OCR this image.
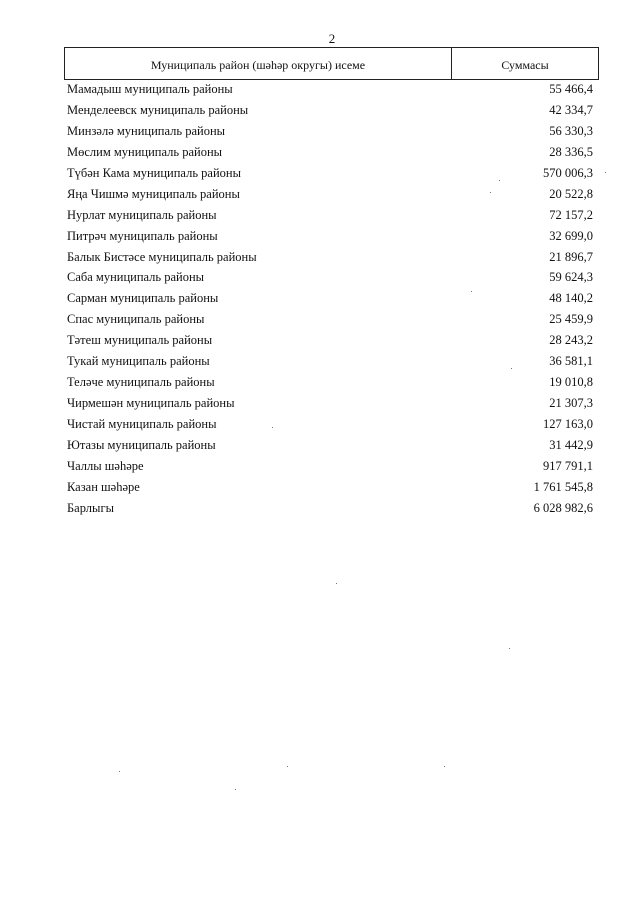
2
Муниципаль район (шәһәр округы) исеме	Суммасы
Мамадыш муниципаль районы	55 466,4
Менделеевск муниципаль районы	42 334,7
Минзәлә муниципаль районы	56 330,3
Мөслим муниципаль районы	28 336,5
Түбән Кама муниципаль районы	570 006,3
Яңа Чишмә муниципаль районы	20 522,8
Нурлат муниципаль районы	72 157,2
Питрәч муниципаль районы	32 699,0
Балык Бистәсе муниципаль районы	21 896,7
Саба муниципаль районы	59 624,3
Сарман муниципаль районы	48 140,2
Спас муниципаль районы	25 459,9
Тәтеш муниципаль районы	28 243,2
Тукай муниципаль районы	36 581,1
Теләче муниципаль районы	19 010,8
Чирмешән муниципаль районы	21 307,3
Чистай муниципаль районы	127 163,0
Ютазы муниципаль районы	31 442,9
Чаллы шәһәре	917 791,1
Казан шәһәре	1 761 545,8
Барлыгы	6 028 982,6
